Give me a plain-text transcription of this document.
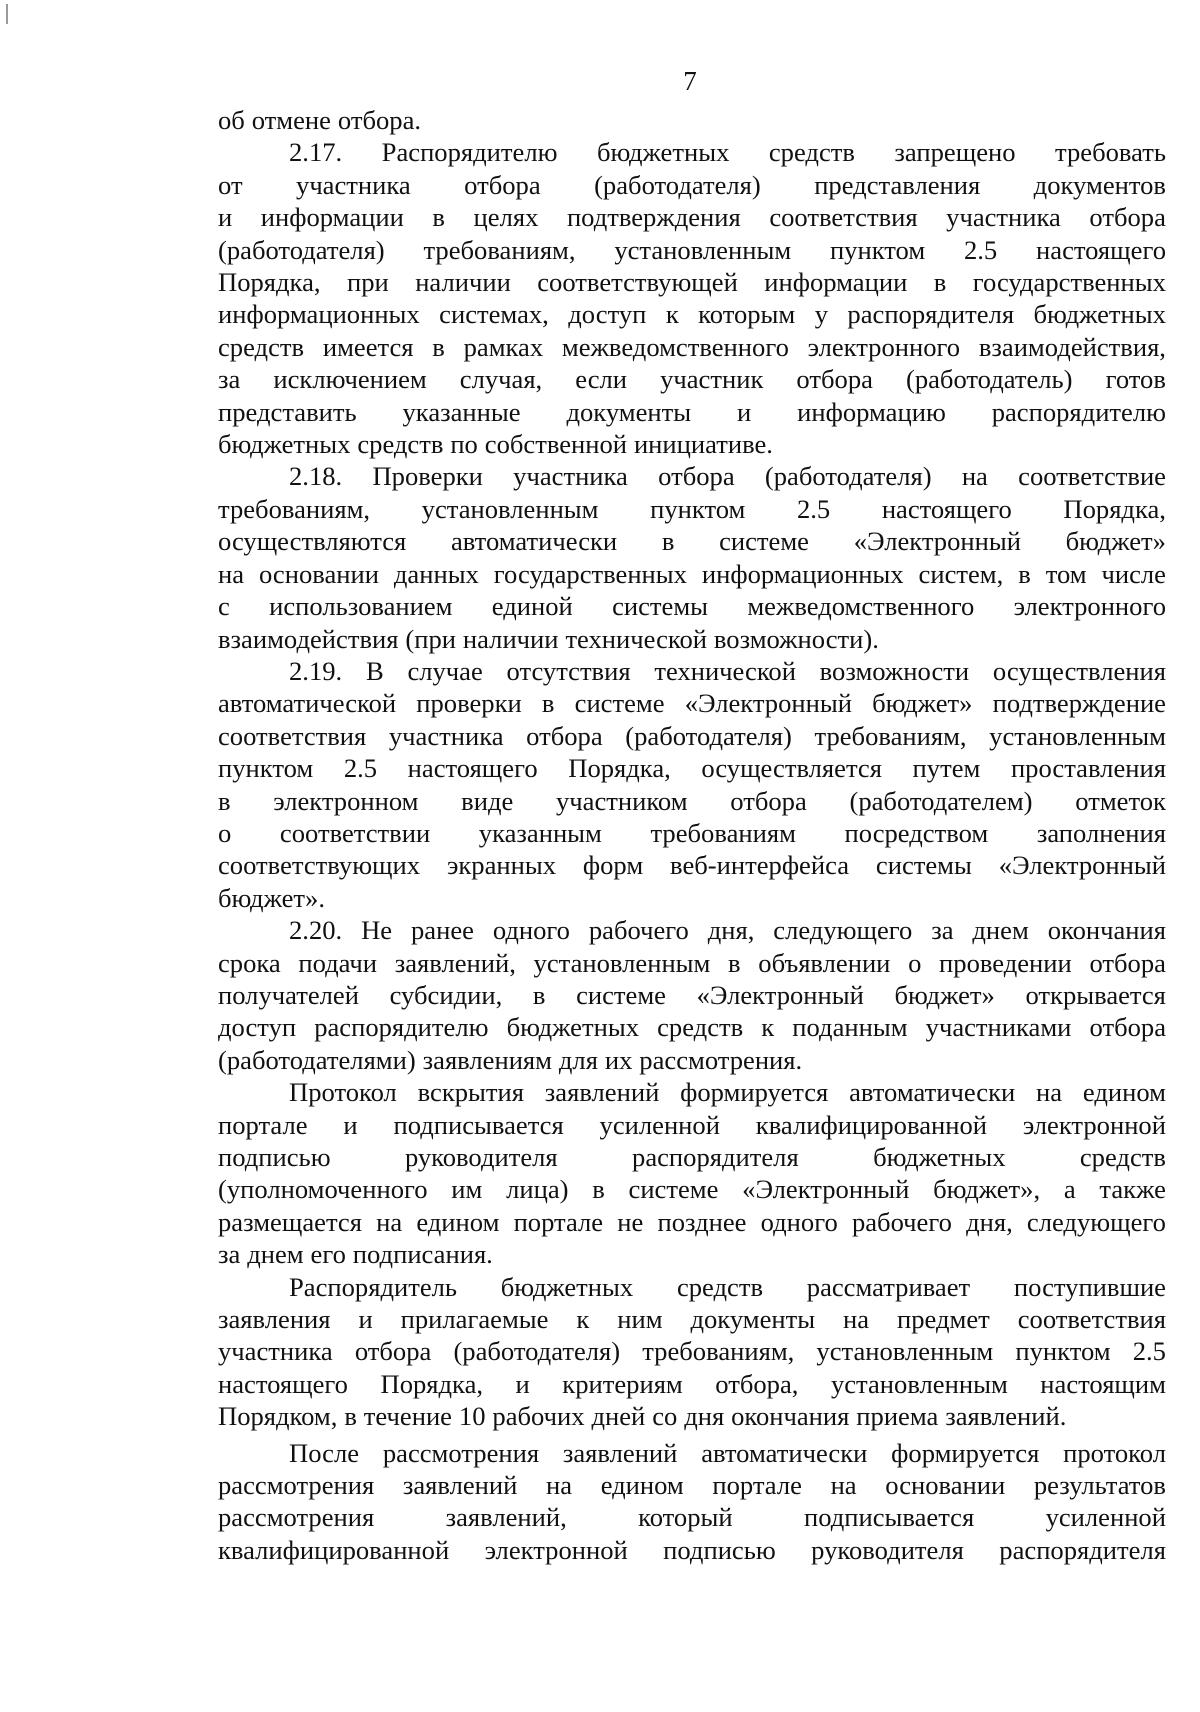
7
об отмене отбора.
2.17. Распорядителю бюджетных средств запрещено требовать
от участника отбора (работодателя) представления документов
и информации в целях подтверждения соответствия участника отбора
(работодателя) требованиям, установленным пунктом 2.5 настоящего
Порядка, при наличии соответствующей информации в государственных
информационных системах, доступ к которым у распорядителя бюджетных
средств имеется в рамках межведомственного электронного взаимодействия,
за исключением случая, если участник отбора (работодатель) готов
представить указанные документы и информацию распорядителю
бюджетных средств по собственной инициативе.
2.18. Проверки участника отбора (работодателя) на соответствие
требованиям, установленным пунктом 2.5 настоящего Порядка,
осуществляются автоматически в системе «Электронный бюджет»
на основании данных государственных информационных систем, в том числе
с использованием единой системы межведомственного электронного
взаимодействия (при наличии технической возможности).
2.19. В случае отсутствия технической возможности осуществления
автоматической проверки в системе «Электронный бюджет» подтверждение
соответствия участника отбора (работодателя) требованиям, установленным
пунктом 2.5 настоящего Порядка, осуществляется путем проставления
в электронном виде участником отбора (работодателем) отметок
о соответствии указанным требованиям посредством заполнения
соответствующих экранных форм веб-интерфейса системы «Электронный
бюджет».
2.20. Не ранее одного рабочего дня, следующего за днем окончания
срока подачи заявлений, установленным в объявлении о проведении отбора
получателей субсидии, в системе «Электронный бюджет» открывается
доступ распорядителю бюджетных средств к поданным участниками отбора
(работодателями) заявлениям для их рассмотрения.
Протокол вскрытия заявлений формируется автоматически на едином
портале и подписывается усиленной квалифицированной электронной
подписью	руководителя	распорядителя	бюджетных	средств
(уполномоченного им лица) в системе «Электронный бюджет», а также
размещается на едином портале не позднее одного рабочего дня, следующего
за днем его подписания.
Распорядитель бюджетных средств рассматривает поступившие
заявления и прилагаемые к ним документы на предмет соответствия
участника отбора (работодателя) требованиям, установленным пунктом 2.5
настоящего Порядка, и критериям отбора, установленным настоящим
Порядком, в течение 10 рабочих дней со дня окончания приема заявлений.
После рассмотрения заявлений автоматически формируется протокол
рассмотрения заявлений на едином портале на основании результатов
рассмотрения	заявлений,	который	подписывается	усиленной
квалифицированной электронной подписью руководителя распорядителя
